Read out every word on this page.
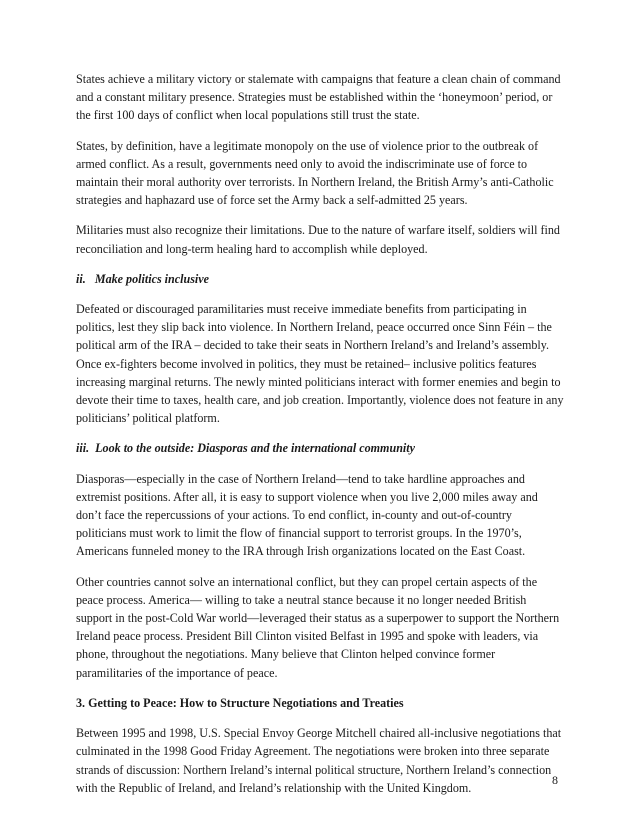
States achieve a military victory or stalemate with campaigns that feature a clean chain of command and a constant military presence. Strategies must be established within the ‘honeymoon’ period, or the first 100 days of conflict when local populations still trust the state.

States, by definition, have a legitimate monopoly on the use of violence prior to the outbreak of armed conflict. As a result, governments need only to avoid the indiscriminate use of force to maintain their moral authority over terrorists. In Northern Ireland, the British Army’s anti-Catholic strategies and haphazard use of force set the Army back a self-admitted 25 years.

Militaries must also recognize their limitations. Due to the nature of warfare itself, soldiers will find reconciliation and long-term healing hard to accomplish while deployed.

ii.   Make politics inclusive

Defeated or discouraged paramilitaries must receive immediate benefits from participating in politics, lest they slip back into violence. In Northern Ireland, peace occurred once Sinn Féin – the political arm of the IRA – decided to take their seats in Northern Ireland’s and Ireland’s assembly. Once ex-fighters become involved in politics, they must be retained– inclusive politics features increasing marginal returns. The newly minted politicians interact with former enemies and begin to devote their time to taxes, health care, and job creation. Importantly, violence does not feature in any politicians’ political platform.

iii.  Look to the outside: Diasporas and the international community

Diasporas—especially in the case of Northern Ireland—tend to take hardline approaches and extremist positions. After all, it is easy to support violence when you live 2,000 miles away and don’t face the repercussions of your actions. To end conflict, in-county and out-of-country politicians must work to limit the flow of financial support to terrorist groups. In the 1970’s, Americans funneled money to the IRA through Irish organizations located on the East Coast.

Other countries cannot solve an international conflict, but they can propel certain aspects of the peace process. America— willing to take a neutral stance because it no longer needed British support in the post-Cold War world—leveraged their status as a superpower to support the Northern Ireland peace process. President Bill Clinton visited Belfast in 1995 and spoke with leaders, via phone, throughout the negotiations. Many believe that Clinton helped convince former paramilitaries of the importance of peace.

3. Getting to Peace: How to Structure Negotiations and Treaties

Between 1995 and 1998, U.S. Special Envoy George Mitchell chaired all-inclusive negotiations that culminated in the 1998 Good Friday Agreement. The negotiations were broken into three separate strands of discussion: Northern Ireland’s internal political structure, Northern Ireland’s connection with the Republic of Ireland, and Ireland’s relationship with the United Kingdom.

8
